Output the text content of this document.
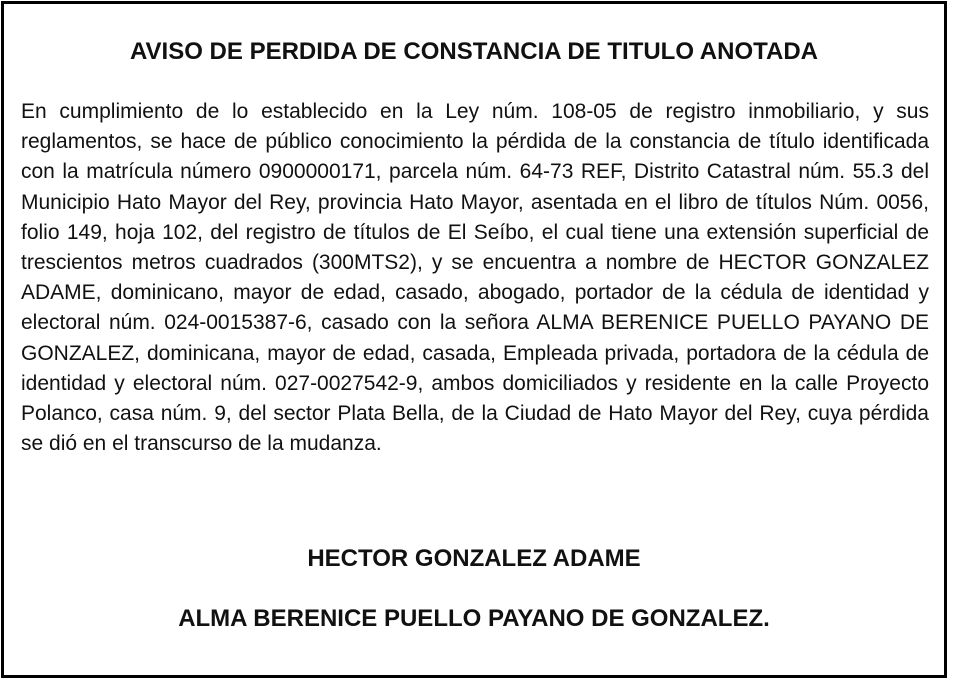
AVISO DE PERDIDA DE CONSTANCIA DE TITULO ANOTADA

En cumplimiento de lo establecido en la Ley núm. 108-05 de registro inmobiliario, y sus reglamentos, se hace de público conocimiento la pérdida de la constancia de título identificada con la matrícula número 0900000171, parcela núm. 64-73 REF, Distrito Catastral núm. 55.3 del Municipio Hato Mayor del Rey, provincia Hato Mayor, asentada en el libro de títulos Núm. 0056, folio 149, hoja 102, del registro de títulos de El Seíbo, el cual tiene una extensión superficial de trescientos metros cuadrados (300MTS2), y se encuentra a nombre de HECTOR GONZALEZ ADAME, dominicano, mayor de edad, casado, abogado, portador de la cédula de identidad y electoral núm. 024-0015387-6, casado con la señora ALMA BERENICE PUELLO PAYANO DE GONZALEZ, dominicana, mayor de edad, casada, Empleada privada, portadora de la cédula de identidad y electoral núm. 027-0027542-9, ambos domiciliados y residente en la calle Proyecto Polanco, casa núm. 9, del sector Plata Bella, de la Ciudad de Hato Mayor del Rey, cuya pérdida se dió en el transcurso de la mudanza.

HECTOR GONZALEZ ADAME

ALMA BERENICE PUELLO PAYANO DE GONZALEZ.
